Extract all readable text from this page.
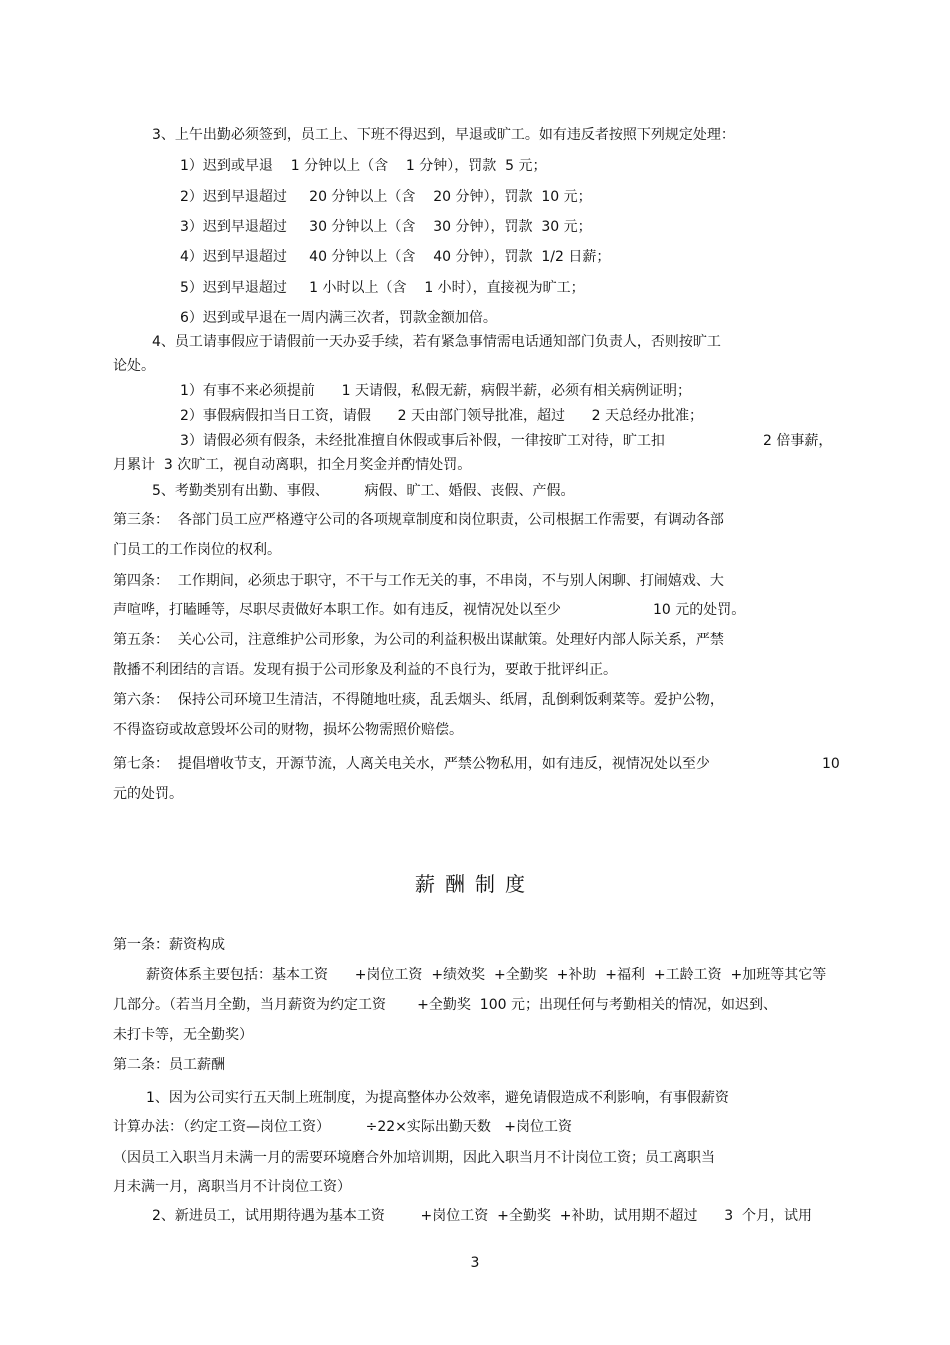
3、上午出勤必须签到，员工上、下班不得迟到，早退或旷工。如有违反者按照下列规定处理：
1）迟到或早退    1 分钟以上（含    1 分钟），罚款  5 元；
2）迟到早退超过     20 分钟以上（含    20 分钟），罚款  10 元；
3）迟到早退超过     30 分钟以上（含    30 分钟），罚款  30 元；
4）迟到早退超过     40 分钟以上（含    40 分钟），罚款  1/2 日薪；
5）迟到早退超过     1 小时以上（含    1 小时），直接视为旷工；
6）迟到或早退在一周内满三次者，罚款金额加倍。
4、员工请事假应于请假前一天办妥手续，若有紧急事情需电话通知部门负责人，否则按旷工
论处。
1）有事不来必须提前      1 天请假，私假无薪，病假半薪，必须有相关病例证明；
2）事假病假扣当日工资，请假      2 天由部门领导批准，超过      2 天总经办批准；
3）请假必须有假条，未经批准擅自休假或事后补假，一律按旷工对待，旷工扣	2 倍事薪，
月累计  3 次旷工，视自动离职，扣全月奖金并酌情处罚。
5、考勤类别有出勤、事假、        病假、旷工、婚假、丧假、产假。
第三条：  各部门员工应严格遵守公司的各项规章制度和岗位职责，公司根据工作需要，有调动各部
门员工的工作岗位的权利。
第四条：  工作期间，必须忠于职守，不干与工作无关的事，不串岗，不与别人闲聊、打闹嬉戏、大
声喧哗，打瞌睡等，尽职尽责做好本职工作。如有违反，视情况处以至少	10 元的处罚。
第五条：  关心公司，注意维护公司形象，为公司的利益积极出谋献策。处理好内部人际关系，严禁
散播不利团结的言语。发现有损于公司形象及利益的不良行为，要敢于批评纠正。
第六条：  保持公司环境卫生清洁，不得随地吐痰，乱丢烟头、纸屑，乱倒剩饭剩菜等。爱护公物，
不得盗窃或故意毁坏公司的财物，损坏公物需照价赔偿。
第七条：  提倡增收节支，开源节流，人离关电关水，严禁公物私用，如有违反，视情况处以至少	10
元的处罚。
薪酬制度
第一条：薪资构成
薪资体系主要包括：基本工资      +岗位工资  +绩效奖  +全勤奖  +补助  +福利  +工龄工资  +加班等其它等
几部分。（若当月全勤，当月薪资为约定工资       +全勤奖  100 元；出现任何与考勤相关的情况，如迟到、
未打卡等，无全勤奖）
第二条：员工薪酬
1、因为公司实行五天制上班制度，为提高整体办公效率，避免请假造成不利影响，有事假薪资
计算办法：（约定工资—岗位工资）        ÷22×实际出勤天数   +岗位工资
（因员工入职当月未满一月的需要环境磨合外加培训期，因此入职当月不计岗位工资；员工离职当
月未满一月，离职当月不计岗位工资）
2、新进员工，试用期待遇为基本工资        +岗位工资  +全勤奖  +补助，试用期不超过      3  个月，试用
3
